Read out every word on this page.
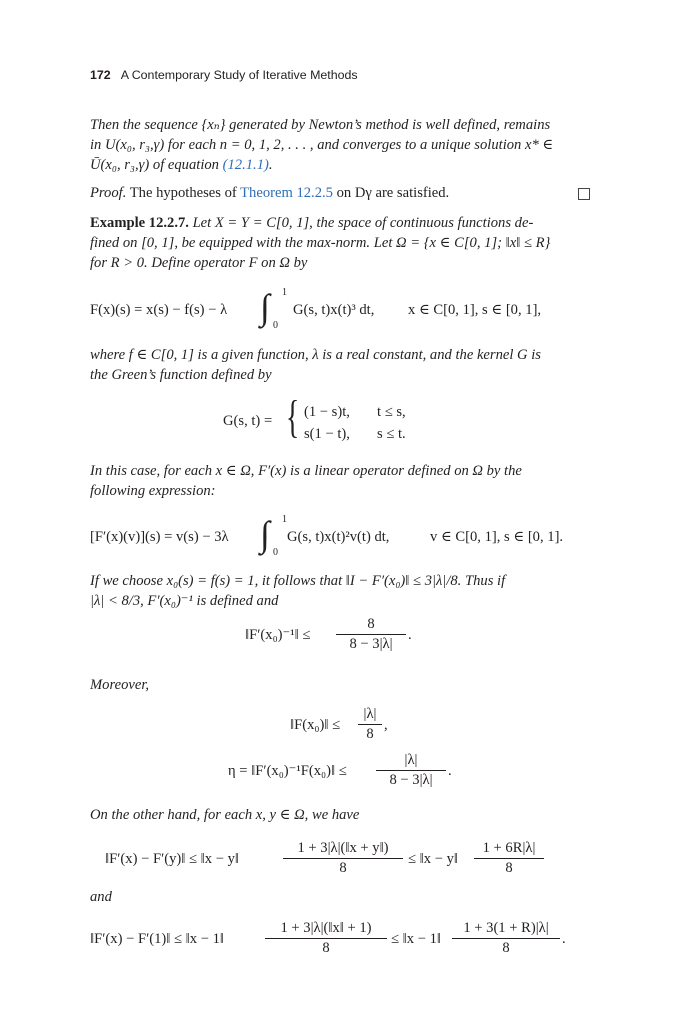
172 A Contemporary Study of Iterative Methods
Then the sequence {xₙ} generated by Newton’s method is well defined, remains
in U(x₀, r₃,γ) for each n = 0, 1, 2, . . . , and converges to a unique solution x* ∈
Ū(x₀, r₃,γ) of equation (12.1.1).
Proof. The hypotheses of Theorem 12.2.5 on Dγ are satisfied.
Example 12.2.7. Let X = Y = C[0, 1], the space of continuous functions de-
fined on [0, 1], be equipped with the max-norm. Let Ω = {x ∈ C[0, 1]; ‖x‖ ≤ R}
for R > 0. Define operator F on Ω by
F(x)(s) = x(s) − f(s) − λ ∫ 1
0
G(s, t)x(t)³ dt, x ∈ C[0, 1], s ∈ [0, 1],
where f ∈ C[0, 1] is a given function, λ is a real constant, and the kernel G is
the Green’s function defined by
G(s, t) = { (1 − s)t, t ≤ s,
s(1 − t), s ≤ t.
In this case, for each x ∈ Ω, F′(x) is a linear operator defined on Ω by the
following expression:
[F′(x)(v)](s) = v(s) − 3λ ∫ 1
0
G(s, t)x(t)²v(t) dt,	v ∈ C[0, 1], s ∈ [0, 1].
If we choose x₀(s) = f(s) = 1, it follows that ‖I − F′(x₀)‖ ≤ 3|λ|/8. Thus if
|λ| < 8/3, F′(x₀)⁻¹ is defined and
‖F′(x₀)⁻¹‖ ≤
8
8 − 3|λ|
.
Moreover,
‖F(x₀)‖ ≤
|λ|
8
,
η = ‖F′(x₀)⁻¹F(x₀)‖ ≤
|λ|
8 − 3|λ|
.
On the other hand, for each x, y ∈ Ω, we have
‖F′(x) − F′(y)‖ ≤ ‖x − y‖
1 + 3|λ|(‖x + y‖)
8
≤ ‖x − y‖
1 + 6R|λ|
8
and
‖F′(x) − F′(1)‖ ≤ ‖x − 1‖
1 + 3|λ|(‖x‖ + 1)
8
≤ ‖x − 1‖
1 + 3(1 + R)|λ|
8
.
